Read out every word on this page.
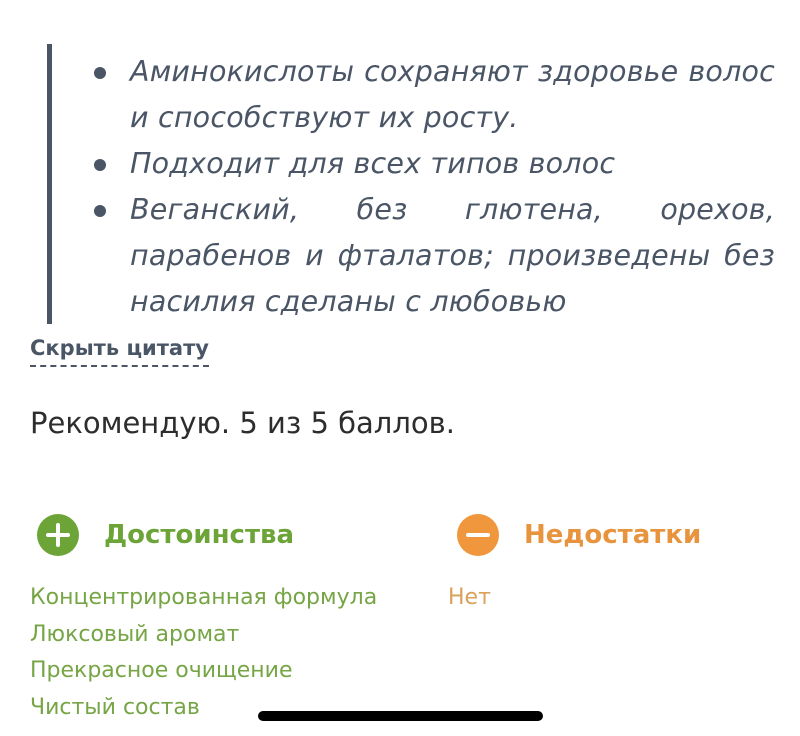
Аминокислоты сохраняют здоровье волос и способствуют их росту.
Подходит для всех типов волос
Веганский, без глютена, орехов, парабенов и фталатов; произведены без насилия сделаны с любовью
Скрыть цитату
Рекомендую. 5 из 5 баллов.
Достоинства	Недостатки
Концентрированная формула
Люксовый аромат
Прекрасное очищение
Чистый состав
Нет
